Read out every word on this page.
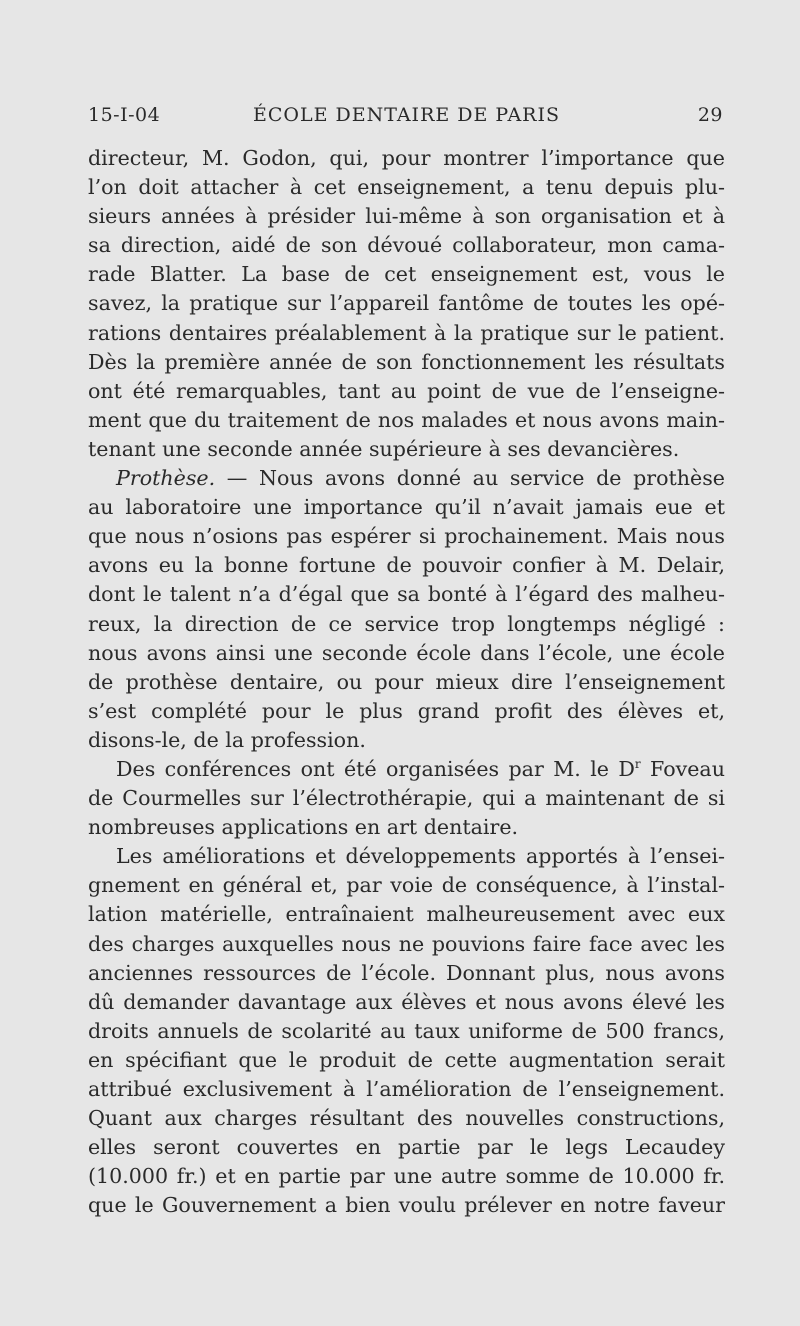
15-I-04	ÉCOLE DENTAIRE DE PARIS	29
directeur, M. Godon, qui, pour montrer l’importance que
l’on doit attacher à cet enseignement, a tenu depuis plu-
sieurs années à présider lui-même à son organisation et à
sa direction, aidé de son dévoué collaborateur, mon cama-
rade Blatter. La base de cet enseignement est, vous le
savez, la pratique sur l’appareil fantôme de toutes les opé-
rations dentaires préalablement à la pratique sur le patient.
Dès la première année de son fonctionnement les résultats
ont été remarquables, tant au point de vue de l’enseigne-
ment que du traitement de nos malades et nous avons main-
tenant une seconde année supérieure à ses devancières.
Prothèse. — Nous avons donné au service de prothèse
au laboratoire une importance qu’il n’avait jamais eue et
que nous n’osions pas espérer si prochainement. Mais nous
avons eu la bonne fortune de pouvoir confier à M. Delair,
dont le talent n’a d’égal que sa bonté à l’égard des malheu-
reux, la direction de ce service trop longtemps négligé :
nous avons ainsi une seconde école dans l’école, une école
de prothèse dentaire, ou pour mieux dire l’enseignement
s’est complété pour le plus grand profit des élèves et,
disons-le, de la profession.
Des conférences ont été organisées par M. le $D^r$ Foveau
de Courmelles sur l’électrothérapie, qui a maintenant de si
nombreuses applications en art dentaire.
Les améliorations et développements apportés à l’ensei-
gnement en général et, par voie de conséquence, à l’instal-
lation matérielle, entraînaient malheureusement avec eux
des charges auxquelles nous ne pouvions faire face avec les
anciennes ressources de l’école. Donnant plus, nous avons
dû demander davantage aux élèves et nous avons élevé les
droits annuels de scolarité au taux uniforme de 500 francs,
en spécifiant que le produit de cette augmentation serait
attribué exclusivement à l’amélioration de l’enseignement.
Quant aux charges résultant des nouvelles constructions,
elles seront couvertes en partie par le legs Lecaudey
(10.000 fr.) et en partie par une autre somme de 10.000 fr.
que le Gouvernement a bien voulu prélever en notre faveur
